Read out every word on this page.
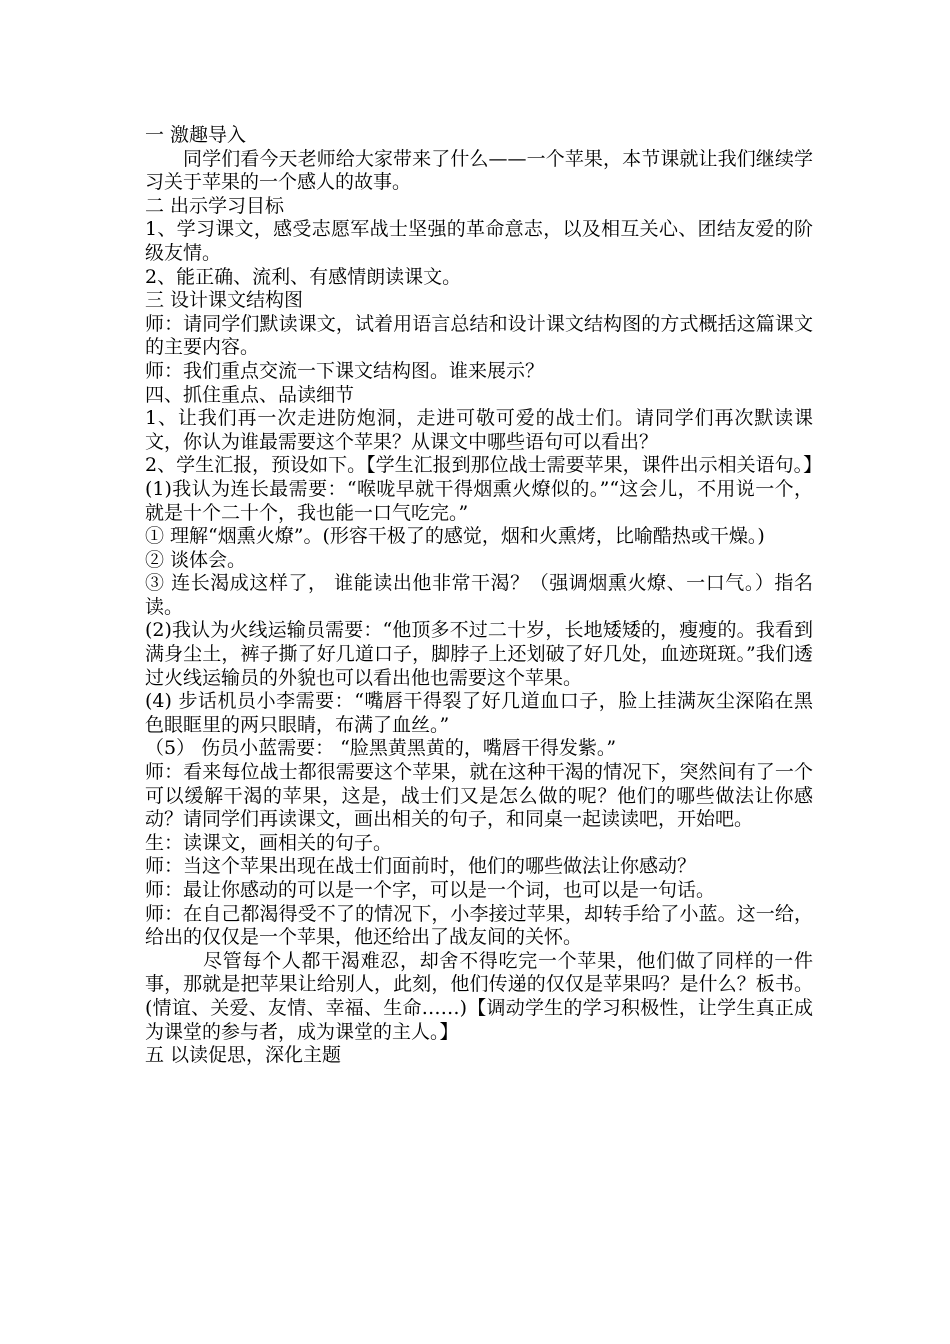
一 激趣导入

同学们看今天老师给大家带来了什么——一个苹果，本节课就让我们继续学习关于苹果的一个感人的故事。

二 出示学习目标

1、学习课文，感受志愿军战士坚强的革命意志，以及相互关心、团结友爱的阶级友情。

2、能正确、流利、有感情朗读课文。

三 设计课文结构图

师：请同学们默读课文，试着用语言总结和设计课文结构图的方式概括这篇课文的主要内容。

师：我们重点交流一下课文结构图。谁来展示？

四、抓住重点、品读细节

1、让我们再一次走进防炮洞，走进可敬可爱的战士们。请同学们再次默读课文，你认为谁最需要这个苹果？从课文中哪些语句可以看出？

2、学生汇报，预设如下。【学生汇报到那位战士需要苹果，课件出示相关语句。】

(1)我认为连长最需要：“喉咙早就干得烟熏火燎似的。”“这会儿，不用说一个， 就是十个二十个，我也能一口气吃完。”

① 理解“烟熏火燎”。(形容干极了的感觉，烟和火熏烤，比喻酷热或干燥。)

② 谈体会。

③ 连长渴成这样了， 谁能读出他非常干渴？（强调烟熏火燎、一口气。）指名读。

(2)我认为火线运输员需要：“他顶多不过二十岁，长地矮矮的，瘦瘦的。我看到满身尘土，裤子撕了好几道口子，脚脖子上还划破了好几处，血迹斑斑。”我们透过火线运输员的外貌也可以看出他也需要这个苹果。

(4) 步话机员小李需要：“嘴唇干得裂了好几道血口子，脸上挂满灰尘深陷在黑色眼眶里的两只眼睛，布满了血丝。”

（5） 伤员小蓝需要： “脸黑黄黑黄的，嘴唇干得发紫。”

师：看来每位战士都很需要这个苹果，就在这种干渴的情况下，突然间有了一个可以缓解干渴的苹果，这是，战士们又是怎么做的呢？他们的哪些做法让你感动？请同学们再读课文，画出相关的句子，和同桌一起读读吧，开始吧。

生：读课文，画相关的句子。

师：当这个苹果出现在战士们面前时，他们的哪些做法让你感动？

师：最让你感动的可以是一个字，可以是一个词，也可以是一句话。

师：在自己都渴得受不了的情况下，小李接过苹果，却转手给了小蓝。这一给，给出的仅仅是一个苹果，他还给出了战友间的关怀。

尽管每个人都干渴难忍，却舍不得吃完一个苹果，他们做了同样的一件事，那就是把苹果让给别人，此刻，他们传递的仅仅是苹果吗？是什么？板书。(情谊、关爱、友情、幸福、生命……)【调动学生的学习积极性，让学生真正成为课堂的参与者，成为课堂的主人。】

五 以读促思，深化主题
